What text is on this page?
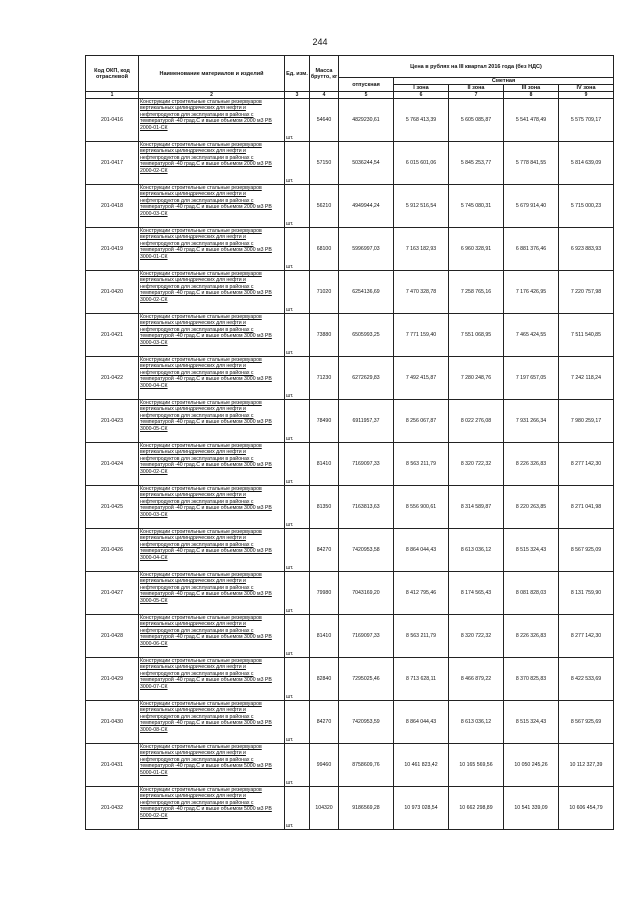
244
Код ОКП, код отраслевой	Наименование материалов и изделий	Ед. изм.	Масса брутто, кг	Цена в рублях на III квартал 2016 года (без НДС)				
				отпускная	Сметная			
					I зона	II зона	III зона	IV зона
1	2	3	4	5	6	7	8	9
201-0416	Конструкции строительные стальные резервуаров вертикальных цилиндрических для нефти и нефтепродуктов для эксплуатации в районах с температурой -40 град.С и выше объемом 2000 м3 РВ 2000-01-СК	шт.	54640	4829230,61	5 768 413,39	5 605 085,87	5 541 478,49	5 575 709,17
201-0417	Конструкции строительные стальные резервуаров вертикальных цилиндрических для нефти и нефтепродуктов для эксплуатации в районах с температурой -40 град.С и выше объемом 2000 м3 РВ 2000-02-СК	шт.	57150	5036244,54	6 015 601,06	5 845 253,77	5 778 841,55	5 814 639,09
201-0418	Конструкции строительные стальные резервуаров вертикальных цилиндрических для нефти и нефтепродуктов для эксплуатации в районах с температурой -40 град.С и выше объемом 2000 м3 РВ 2000-03-СК	шт.	56210	4949944,24	5 912 516,54	5 745 080,31	5 679 914,40	5 715 000,23
201-0419	Конструкции строительные стальные резервуаров вертикальных цилиндрических для нефти и нефтепродуктов для эксплуатации в районах с температурой -40 град.С и выше объемом 3000 м3 РВ 3000-01-СК	шт.	68100	5996997,03	7 163 182,93	6 960 328,91	6 881 376,46	6 923 883,93
201-0420	Конструкции строительные стальные резервуаров вертикальных цилиндрических для нефти и нефтепродуктов для эксплуатации в районах с температурой -40 град.С и выше объемом 3000 м3 РВ 3000-02-СК	шт.	71020	6254136,69	7 470 328,78	7 258 765,16	7 176 426,95	7 220 757,98
201-0421	Конструкции строительные стальные резервуаров вертикальных цилиндрических для нефти и нефтепродуктов для эксплуатации в районах с температурой -40 град.С и выше объемом 3000 м3 РВ 3000-03-СК	шт.	73880	6505993,25	7 771 159,40	7 551 068,95	7 465 424,55	7 511 540,85
201-0422	Конструкции строительные стальные резервуаров вертикальных цилиндрических для нефти и нефтепродуктов для эксплуатации в районах с температурой -40 град.С и выше объемом 3000 м3 РВ 3000-04-СК	шт.	71230	6272629,83	7 492 415,87	7 280 248,76	7 197 657,05	7 242 118,24
201-0423	Конструкции строительные стальные резервуаров вертикальных цилиндрических для нефти и нефтепродуктов для эксплуатации в районах с температурой -40 град.С и выше объемом 3000 м3 РВ 3000-05-СК	шт.	78490	6911957,37	8 256 067,87	8 022 276,08	7 931 266,34	7 980 259,17
201-0424	Конструкции строительные стальные резервуаров вертикальных цилиндрических для нефти и нефтепродуктов для эксплуатации в районах с температурой -40 град.С и выше объемом 3000 м3 РВ 3000-02-СК	шт.	81410	7169097,33	8 563 211,79	8 320 722,32	8 226 326,83	8 277 142,30
201-0425	Конструкции строительные стальные резервуаров вертикальных цилиндрических для нефти и нефтепродуктов для эксплуатации в районах с температурой -40 град.С и выше объемом 3000 м3 РВ 3000-03-СК	шт.	81350	7163813,63	8 556 900,61	8 314 589,87	8 220 263,85	8 271 041,98
201-0426	Конструкции строительные стальные резервуаров вертикальных цилиндрических для нефти и нефтепродуктов для эксплуатации в районах с температурой -40 град.С и выше объемом 3000 м3 РВ 3000-04-СК	шт.	84270	7420953,58	8 864 044,43	8 613 036,12	8 515 324,43	8 567 925,09
201-0427	Конструкции строительные стальные резервуаров вертикальных цилиндрических для нефти и нефтепродуктов для эксплуатации в районах с температурой -40 град.С и выше объемом 3000 м3 РВ 3000-05-СК	шт.	79980	7043169,20	8 412 795,46	8 174 565,43	8 081 828,03	8 131 759,90
201-0428	Конструкции строительные стальные резервуаров вертикальных цилиндрических для нефти и нефтепродуктов для эксплуатации в районах с температурой -40 град.С и выше объемом 3000 м3 РВ 3000-06-СК	шт.	81410	7169097,33	8 563 211,79	8 320 722,32	8 226 326,83	8 277 142,30
201-0429	Конструкции строительные стальные резервуаров вертикальных цилиндрических для нефти и нефтепродуктов для эксплуатации в районах с температурой -40 град.С и выше объемом 3000 м3 РВ 3000-07-СК	шт.	82840	7295025,46	8 713 628,11	8 466 879,22	8 370 825,83	8 422 533,69
201-0430	Конструкции строительные стальные резервуаров вертикальных цилиндрических для нефти и нефтепродуктов для эксплуатации в районах с температурой -40 град.С и выше объемом 3000 м3 РВ 3000-08-СК	шт.	84270	7420953,59	8 864 044,43	8 613 036,12	8 515 324,43	8 567 925,69
201-0431	Конструкции строительные стальные резервуаров вертикальных цилиндрических для нефти и нефтепродуктов для эксплуатации в районах с температурой -40 град.С и выше объемом 5000 м3 РВ 5000-01-СК	шт.	99460	8758609,76	10 461 823,42	10 165 569,56	10 050 245,26	10 112 327,39
201-0432	Конструкции строительные стальные резервуаров вертикальных цилиндрических для нефти и нефтепродуктов для эксплуатации в районах с температурой -40 град.С и выше объемом 5000 м3 РВ 5000-02-СК	шт.	104320	9186569,28	10 973 028,54	10 662 298,89	10 541 339,09	10 606 454,79
